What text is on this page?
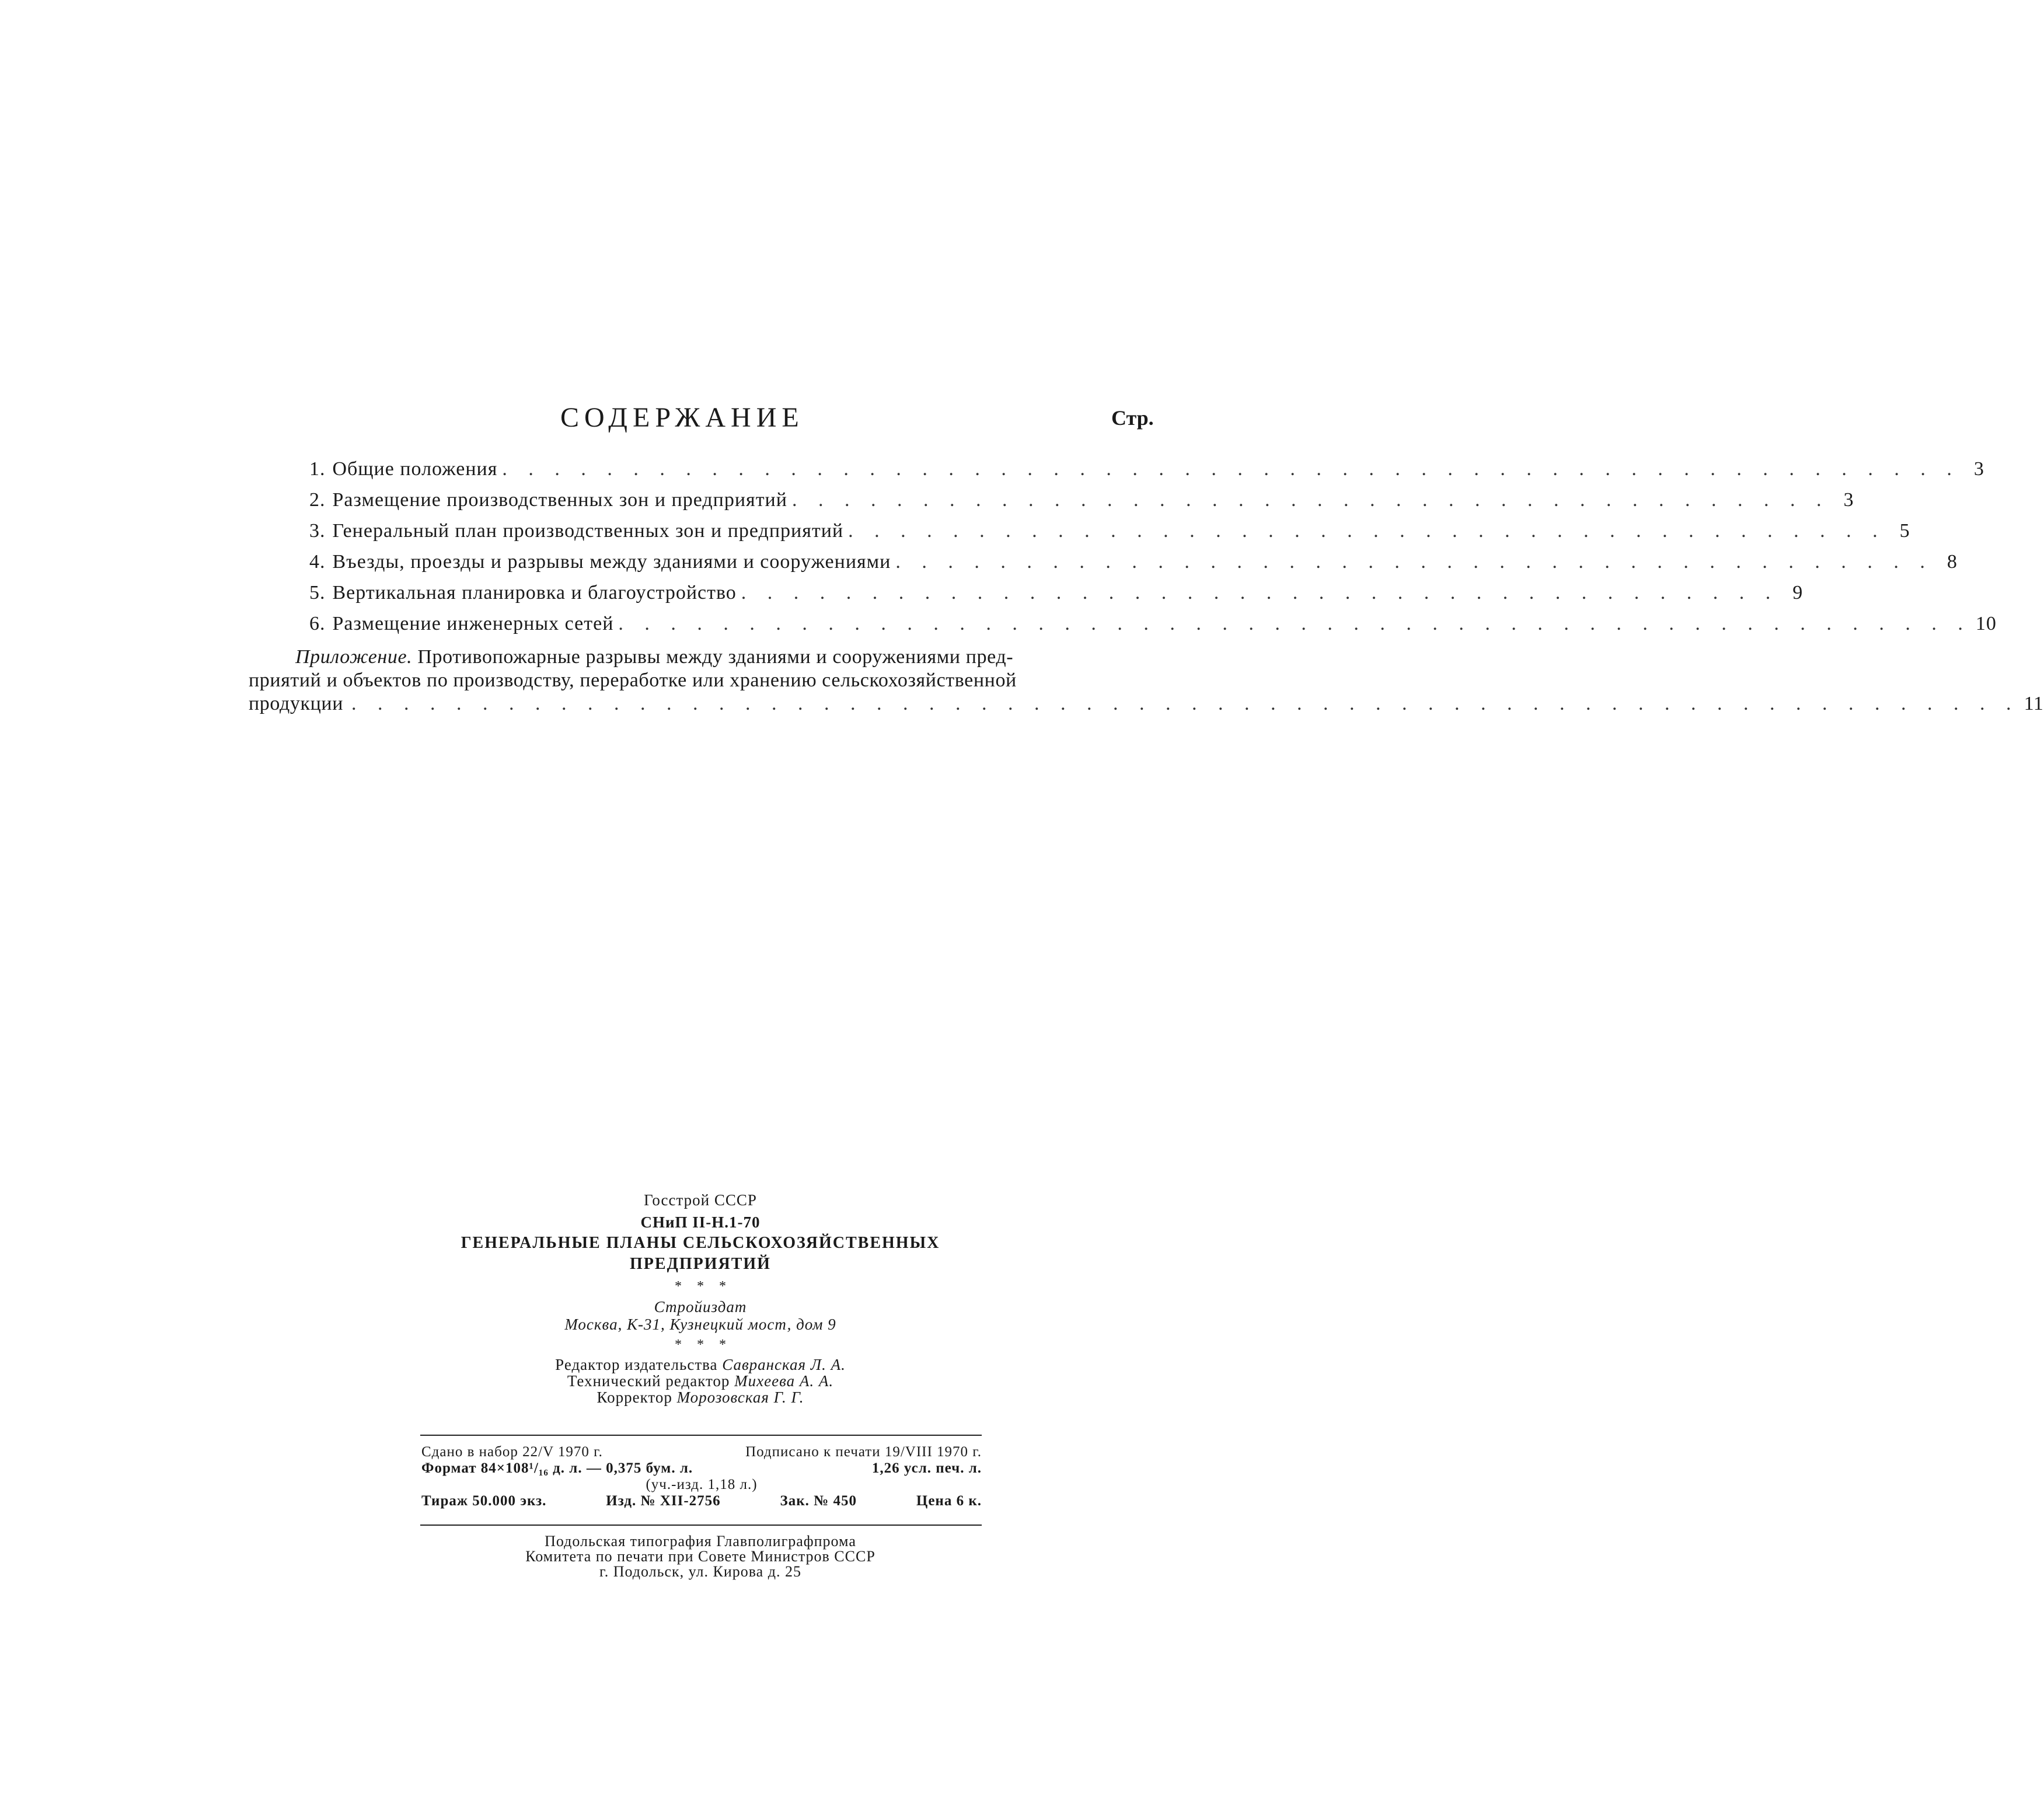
СОДЕРЖАНИЕ	Стр.
1. Общие положения . . . . . . . . . . . . . . . . . . . . . . . . . . . . . . . . . . . . . . . . . . . . . . . . . . . . . . . . 3
2. Размещение производственных зон и предприятий . . . . . . . . . . . . . . . . . . . . . . . . . . . . . . . . . . . . . . . . 3
3. Генеральный план производственных зон и предприятий . . . . . . . . . . . . . . . . . . . . . . . . . . . . . . . . . . . . . . . . 5
4. Въезды, проезды и разрывы между зданиями и сооружениями . . . . . . . . . . . . . . . . . . . . . . . . . . . . . . . . . . . . . . . . 8
5. Вертикальная планировка и благоустройство . . . . . . . . . . . . . . . . . . . . . . . . . . . . . . . . . . . . . . . . 9
6. Размещение инженерных сетей . . . . . . . . . . . . . . . . . . . . . . . . . . . . . . . . . . . . . . . . . . . . . . . . . . . . 10
Приложение. Противопожарные разрывы между зданиями и сооружениями пред-
приятий и объектов по производству, переработке или хранению сельскохозяйственной
продукции . . . . . . . . . . . . . . . . . . . . . . . . . . . . . . . . . . . . . . . . . . . . . . . . . . . . . . . . . . . . . . . . 11
Госстрой СССР
СНиП II-Н.1-70
ГЕНЕРАЛЬНЫЕ ПЛАНЫ СЕЛЬСКОХОЗЯЙСТВЕННЫХ
ПРЕДПРИЯТИЙ
* * *
Стройиздат
Москва, К-31, Кузнецкий мост, дом 9
* * *
Редактор издательства Савранская Л. А.
Технический редактор Михеева А. А.
Корректор Морозовская Г. Г.
Сдано в набор 22/V 1970 г.	Подписано к печати 19/VIII 1970 г.
Формат 84×108¹/₁₆ д. л. — 0,375 бум. л.	1,26 усл. печ. л.
(уч.-изд. 1,18 л.)
Тираж 50.000 экз.	Изд. № XII-2756	Зак. № 450	Цена 6 к.
Подольская типография Главполиграфпрома
Комитета по печати при Совете Министров СССР
г. Подольск, ул. Кирова д. 25
